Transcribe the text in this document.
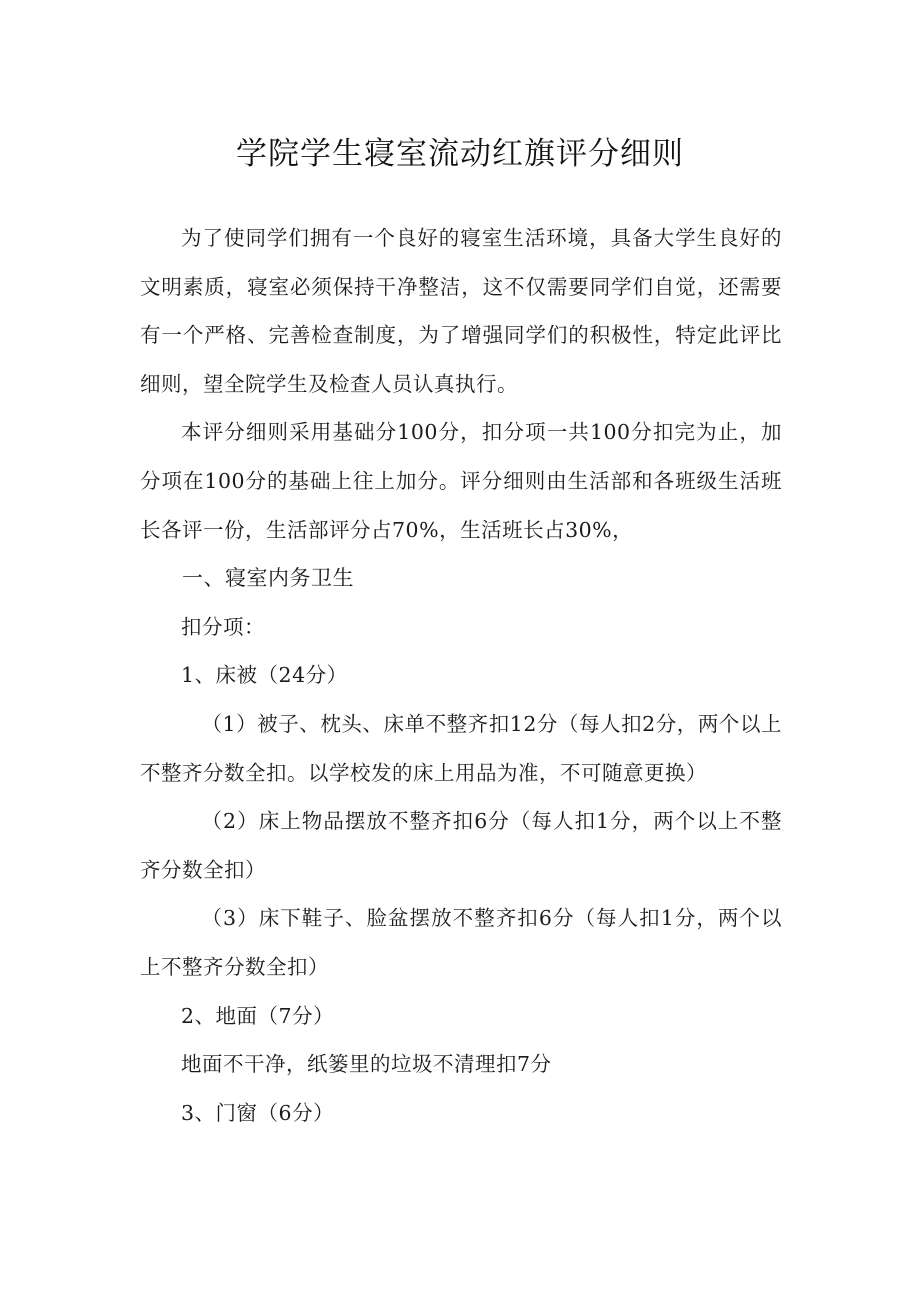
学院学生寝室流动红旗评分细则

为了使同学们拥有一个良好的寝室生活环境，具备大学生良好的文明素质，寝室必须保持干净整洁，这不仅需要同学们自觉，还需要有一个严格、完善检查制度，为了增强同学们的积极性，特定此评比细则，望全院学生及检查人员认真执行。

本评分细则采用基础分100分，扣分项一共100分扣完为止，加分项在100分的基础上往上加分。评分细则由生活部和各班级生活班长各评一份，生活部评分占70%，生活班长占30%，

一、寝室内务卫生

扣分项：

1、床被（24分）

（1）被子、枕头、床单不整齐扣12分（每人扣2分，两个以上不整齐分数全扣。以学校发的床上用品为准，不可随意更换）

（2）床上物品摆放不整齐扣6分（每人扣1分，两个以上不整齐分数全扣）

（3）床下鞋子、脸盆摆放不整齐扣6分（每人扣1分，两个以上不整齐分数全扣）

2、地面（7分）

地面不干净，纸篓里的垃圾不清理扣7分

3、门窗（6分）
